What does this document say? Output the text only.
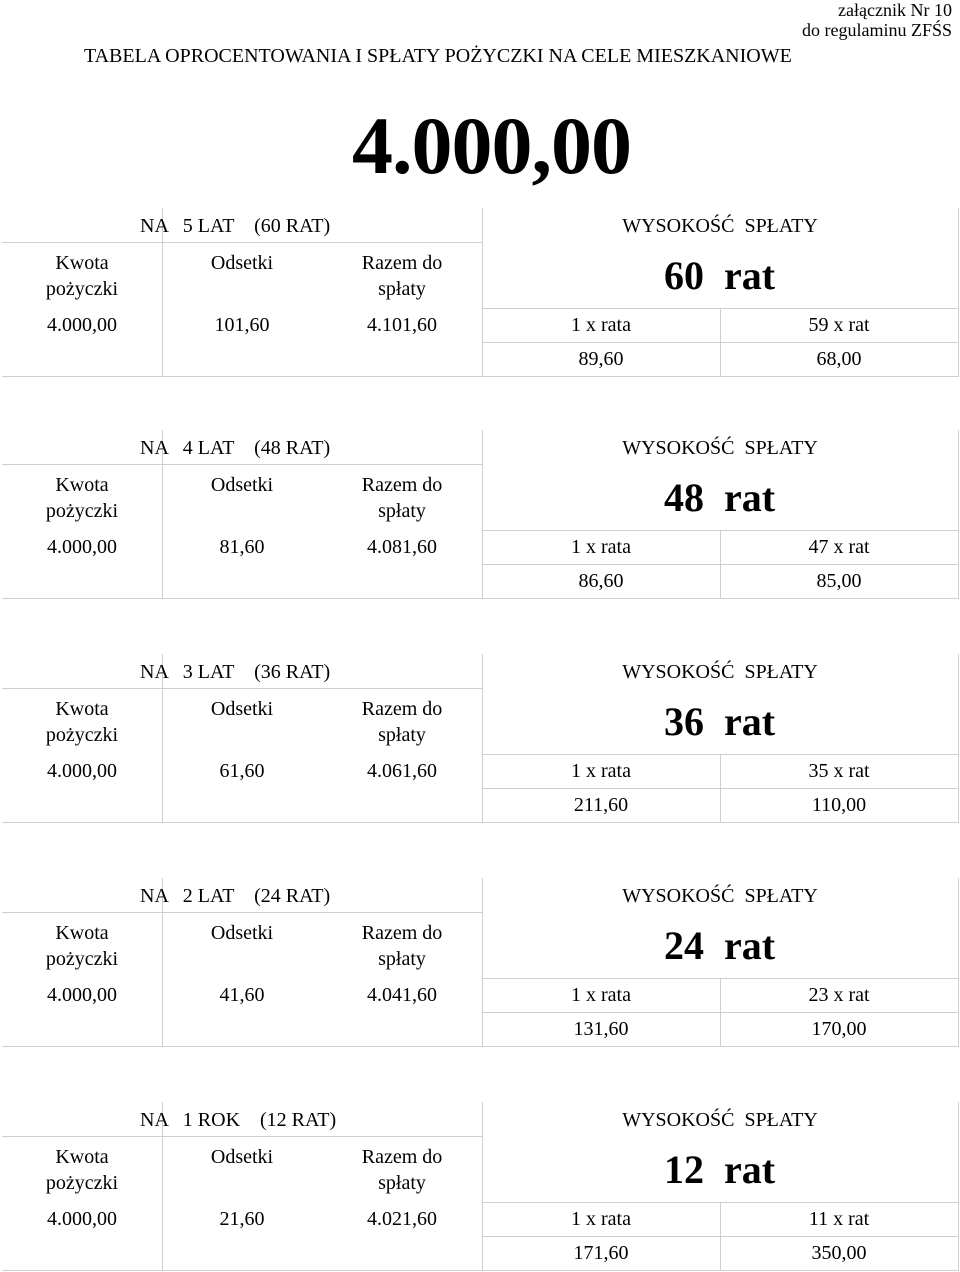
załącznik Nr 10
do regulaminu ZFŚS
TABELA OPROCENTOWANIA I SPŁATY POŻYCZKI NA CELE MIESZKANIOWE
4.000,00
NA   5 LAT    (60 RAT)	WYSOKOŚĆ  SPŁATY
Kwota
pożyczki
Odsetki	Razem do
spłaty
4.000,00	101,60	4.101,60	1 x rata	59 x rat
89,60	68,00
60  rat
NA   4 LAT    (48 RAT)	WYSOKOŚĆ  SPŁATY
Kwota
pożyczki
Odsetki	Razem do
spłaty
4.000,00	81,60	4.081,60	1 x rata	47 x rat
86,60	85,00
48  rat
NA   3 LAT    (36 RAT)	WYSOKOŚĆ  SPŁATY
Kwota
pożyczki
Odsetki	Razem do
spłaty
4.000,00	61,60	4.061,60	1 x rata	35 x rat
211,60	110,00
36  rat
NA   2 LAT    (24 RAT)	WYSOKOŚĆ  SPŁATY
Kwota
pożyczki
Odsetki	Razem do
spłaty
4.000,00	41,60	4.041,60	1 x rata	23 x rat
131,60	170,00
24  rat
NA   1 ROK    (12 RAT)	WYSOKOŚĆ  SPŁATY
Kwota
pożyczki
Odsetki	Razem do
spłaty
4.000,00	21,60	4.021,60	1 x rata	11 x rat
171,60	350,00
12  rat
